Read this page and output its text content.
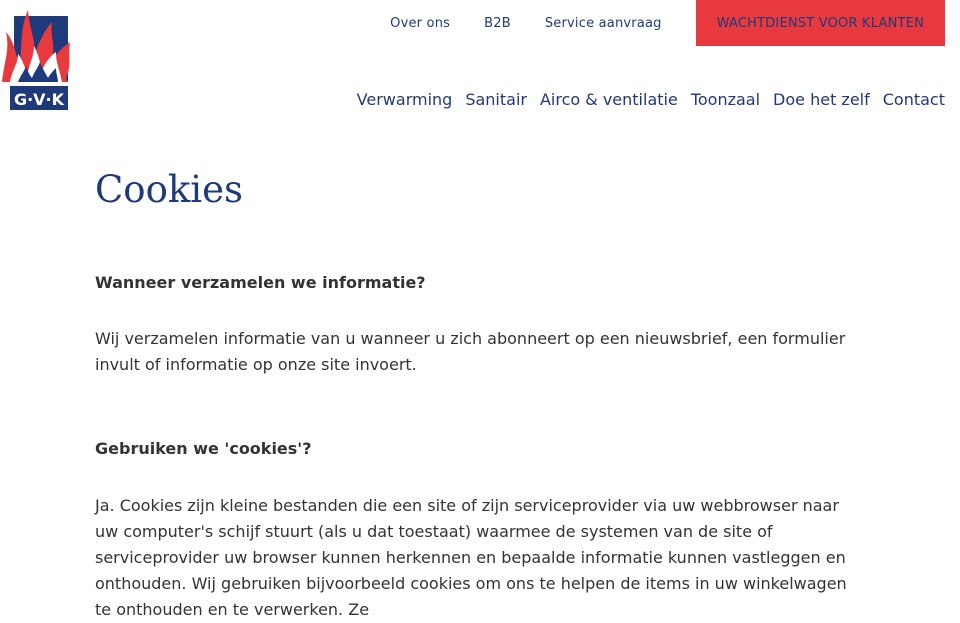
G·V·K
Over ons	B2B	Service aanvraag	WACHTDIENST VOOR KLANTEN
Verwarming Sanitair Airco & ventilatie Toonzaal Doe het zelf Contact
Cookies
Wanneer verzamelen we informatie?

Wij verzamelen informatie van u wanneer u zich abonneert op een nieuwsbrief, een formulier invult of informatie op onze site invoert.

Gebruiken we 'cookies'?

Ja. Cookies zijn kleine bestanden die een site of zijn serviceprovider via uw webbrowser naar uw computer's schijf stuurt (als u dat toestaat) waarmee de systemen van de site of serviceprovider uw browser kunnen herkennen en bepaalde informatie kunnen vastleggen en onthouden. Wij gebruiken bijvoorbeeld cookies om ons te helpen de items in uw winkelwagen te onthouden en te verwerken. Ze
